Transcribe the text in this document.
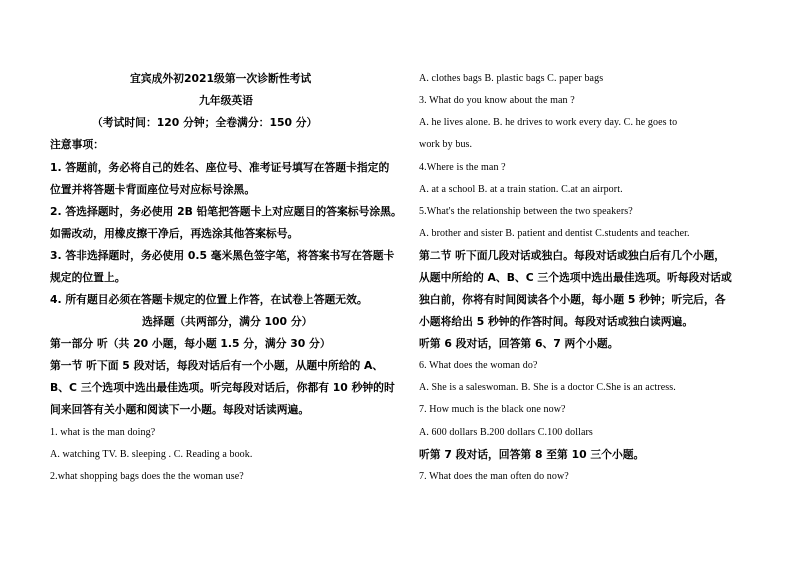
宜宾成外初2021级第一次诊断性考试
九年级英语
（考试时间：120 分钟；全卷满分：150 分）
注意事项：
1. 答题前，务必将自己的姓名、座位号、准考证号填写在答题卡指定的
位置并将答题卡背面座位号对应标号涂黑。
2. 答选择题时，务必使用 2B 铅笔把答题卡上对应题目的答案标号涂黑。
如需改动，用橡皮擦干净后，再选涂其他答案标号。
3. 答非选择题时，务必使用 0.5 毫米黑色签字笔，将答案书写在答题卡
规定的位置上。
4. 所有题目必须在答题卡规定的位置上作答，在试卷上答题无效。
选择题（共两部分，满分 100 分）
第一部分 听（共 20 小题，每小题 1.5 分，满分 30 分）
第一节 听下面 5 段对话，每段对话后有一个小题，从题中所给的 A、
B、C 三个选项中选出最佳选项。听完每段对话后，你都有 10 秒钟的时
间来回答有关小题和阅读下一小题。每段对话读两遍。
1. what is the man doing?
A. watching TV. B. sleeping . C. Reading a book.
2.what shopping bags does the the woman use?
A. clothes bags B. plastic bags C. paper bags
3. What do you know about the man ?
A. he lives alone. B. he drives to work every day. C. he goes to
work by bus.
4.Where is the man ?
A. at a school B. at a train station. C.at an airport.
5.What's the relationship between the two speakers?
A. brother and sister B. patient and dentist C.students and teacher.
第二节 听下面几段对话或独白。每段对话或独白后有几个小题，
从题中所给的 A、B、C 三个选项中选出最佳选项。听每段对话或
独白前，你将有时间阅读各个小题，每小题 5 秒钟；听完后，各
小题将给出 5 秒钟的作答时间。每段对话或独白读两遍。
听第 6 段对话，回答第 6、7 两个小题。
6. What does the woman do?
A. She is a saleswoman. B. She is a doctor C.She is an actress.
7. How much is the black one now?
A. 600 dollars B.200 dollars C.100 dollars
听第 7 段对话，回答第 8 至第 10 三个小题。
7. What does the man often do now?
